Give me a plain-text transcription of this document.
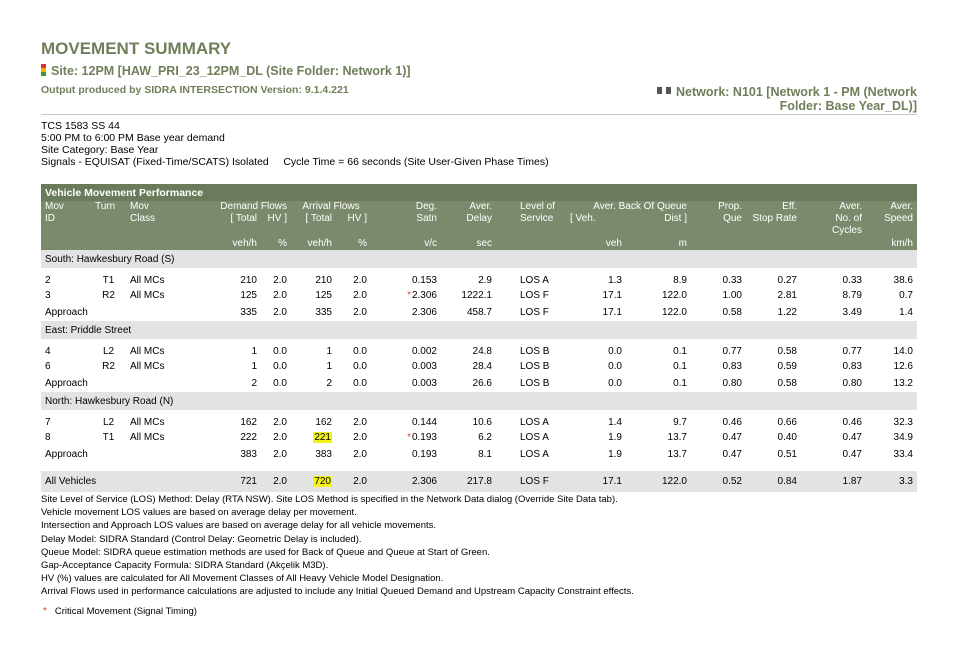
MOVEMENT SUMMARY
Site: 12PM [HAW_PRI_23_12PM_DL (Site Folder: Network 1)]
Output produced by SIDRA INTERSECTION Version: 9.1.4.221	Network: N101 [Network 1 - PM (Network
Folder: Base Year_DL)]
TCS 1583 SS 44
5:00 PM to 6:00 PM Base year demand
Site Category: Base Year
Signals - EQUISAT (Fixed-Time/SCATS) Isolated     Cycle Time = 66 seconds (Site User-Given Phase Times)
Vehicle Movement Performance															
Mov	Turn	Mov	Demand Flows		Arrival Flows		Deg.	Aver.	Level of	Aver. Back Of Queue		Prop.	Eff.	Aver.	Aver.
ID		Class	[ Total	HV ]	[ Total	HV ]	Satn	Delay	Service	[ Veh.	Dist ]	Que	Stop Rate	No. of	Speed
														Cycles	
			veh/h	%	veh/h	%	v/c	sec		veh	m				km/h
South: Hawkesbury Road (S)															

2	T1	All MCs	210	2.0	210	2.0	0.153	2.9	LOS A	1.3	8.9	0.33	0.27	0.33	38.6
3	R2	All MCs	125	2.0	125	2.0	*2.306	1222.1	LOS F	17.1	122.0	1.00	2.81	8.79	0.7
Approach			335	2.0	335	2.0	2.306	458.7	LOS F	17.1	122.0	0.58	1.22	3.49	1.4
East: Priddle Street															

4	L2	All MCs	1	0.0	1	0.0	0.002	24.8	LOS B	0.0	0.1	0.77	0.58	0.77	14.0
6	R2	All MCs	1	0.0	1	0.0	0.003	28.4	LOS B	0.0	0.1	0.83	0.59	0.83	12.6
Approach			2	0.0	2	0.0	0.003	26.6	LOS B	0.0	0.1	0.80	0.58	0.80	13.2
North: Hawkesbury Road (N)															

7	L2	All MCs	162	2.0	162	2.0	0.144	10.6	LOS A	1.4	9.7	0.46	0.66	0.46	32.3
8	T1	All MCs	222	2.0	221	2.0	*0.193	6.2	LOS A	1.9	13.7	0.47	0.40	0.47	34.9
Approach			383	2.0	383	2.0	0.193	8.1	LOS A	1.9	13.7	0.47	0.51	0.47	33.4

All Vehicles			721	2.0	720	2.0	2.306	217.8	LOS F	17.1	122.0	0.52	0.84	1.87	3.3
Site Level of Service (LOS) Method: Delay (RTA NSW). Site LOS Method is specified in the Network Data dialog (Override Site Data tab).
Vehicle movement LOS values are based on average delay per movement.
Intersection and Approach LOS values are based on average delay for all vehicle movements.
Delay Model: SIDRA Standard (Control Delay: Geometric Delay is included).
Queue Model: SIDRA queue estimation methods are used for Back of Queue and Queue at Start of Green.
Gap-Acceptance Capacity Formula: SIDRA Standard (Akçelik M3D).
HV (%) values are calculated for All Movement Classes of All Heavy Vehicle Model Designation.
Arrival Flows used in performance calculations are adjusted to include any Initial Queued Demand and Upstream Capacity Constraint effects.
* Critical Movement (Signal Timing)
